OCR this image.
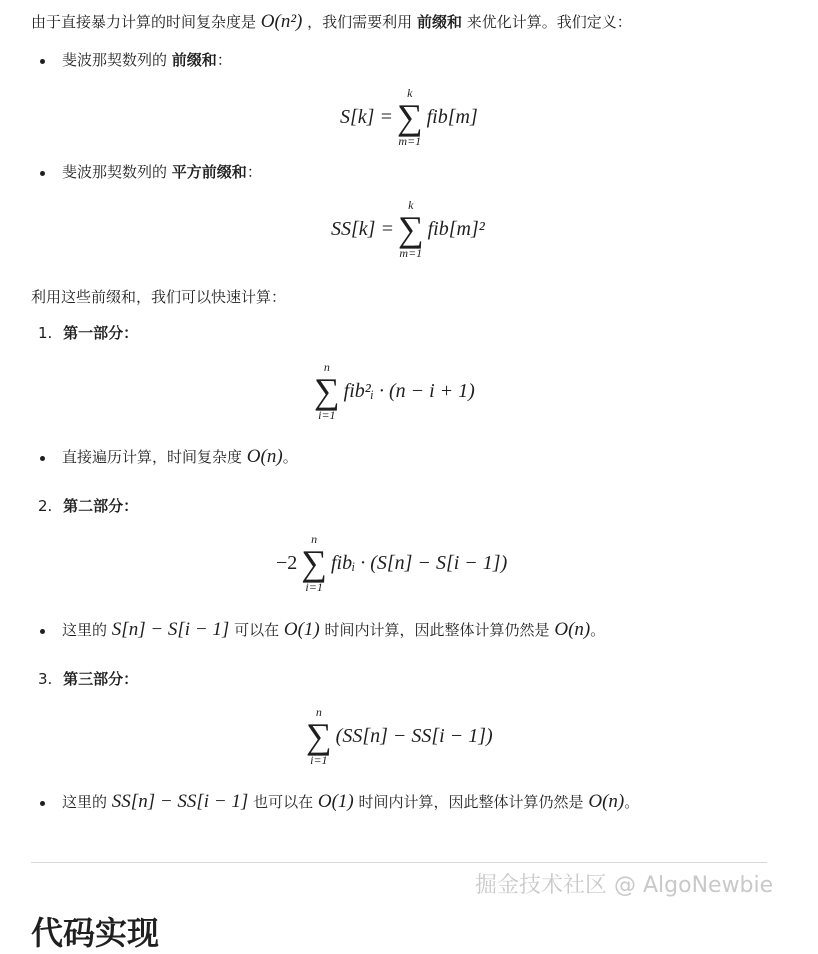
由于直接暴力计算的时间复杂度是 O(n²) ，我们需要利用 前缀和 来优化计算。我们定义：
斐波那契数列的 前缀和：
S[k] =
k
∑
m=1
fib[m]
斐波那契数列的 平方前缀和：
SS[k] =
k
∑
m=1
fib[m]²
利用这些前缀和，我们可以快速计算：
1. 第一部分：
n
∑
i=1
fib²ᵢ · (n − i + 1)
直接遍历计算，时间复杂度 O(n)。
2. 第二部分：
−2
n
∑
i=1
fibᵢ · (S[n] − S[i − 1])
这里的 S[n] − S[i − 1] 可以在 O(1) 时间内计算，因此整体计算仍然是 O(n)。
3. 第三部分：
n
∑
i=1
(SS[n] − SS[i − 1])
这里的 SS[n] − SS[i − 1] 也可以在 O(1) 时间内计算，因此整体计算仍然是 O(n)。
掘金技术社区 @ AlgoNewbie
代码实现
